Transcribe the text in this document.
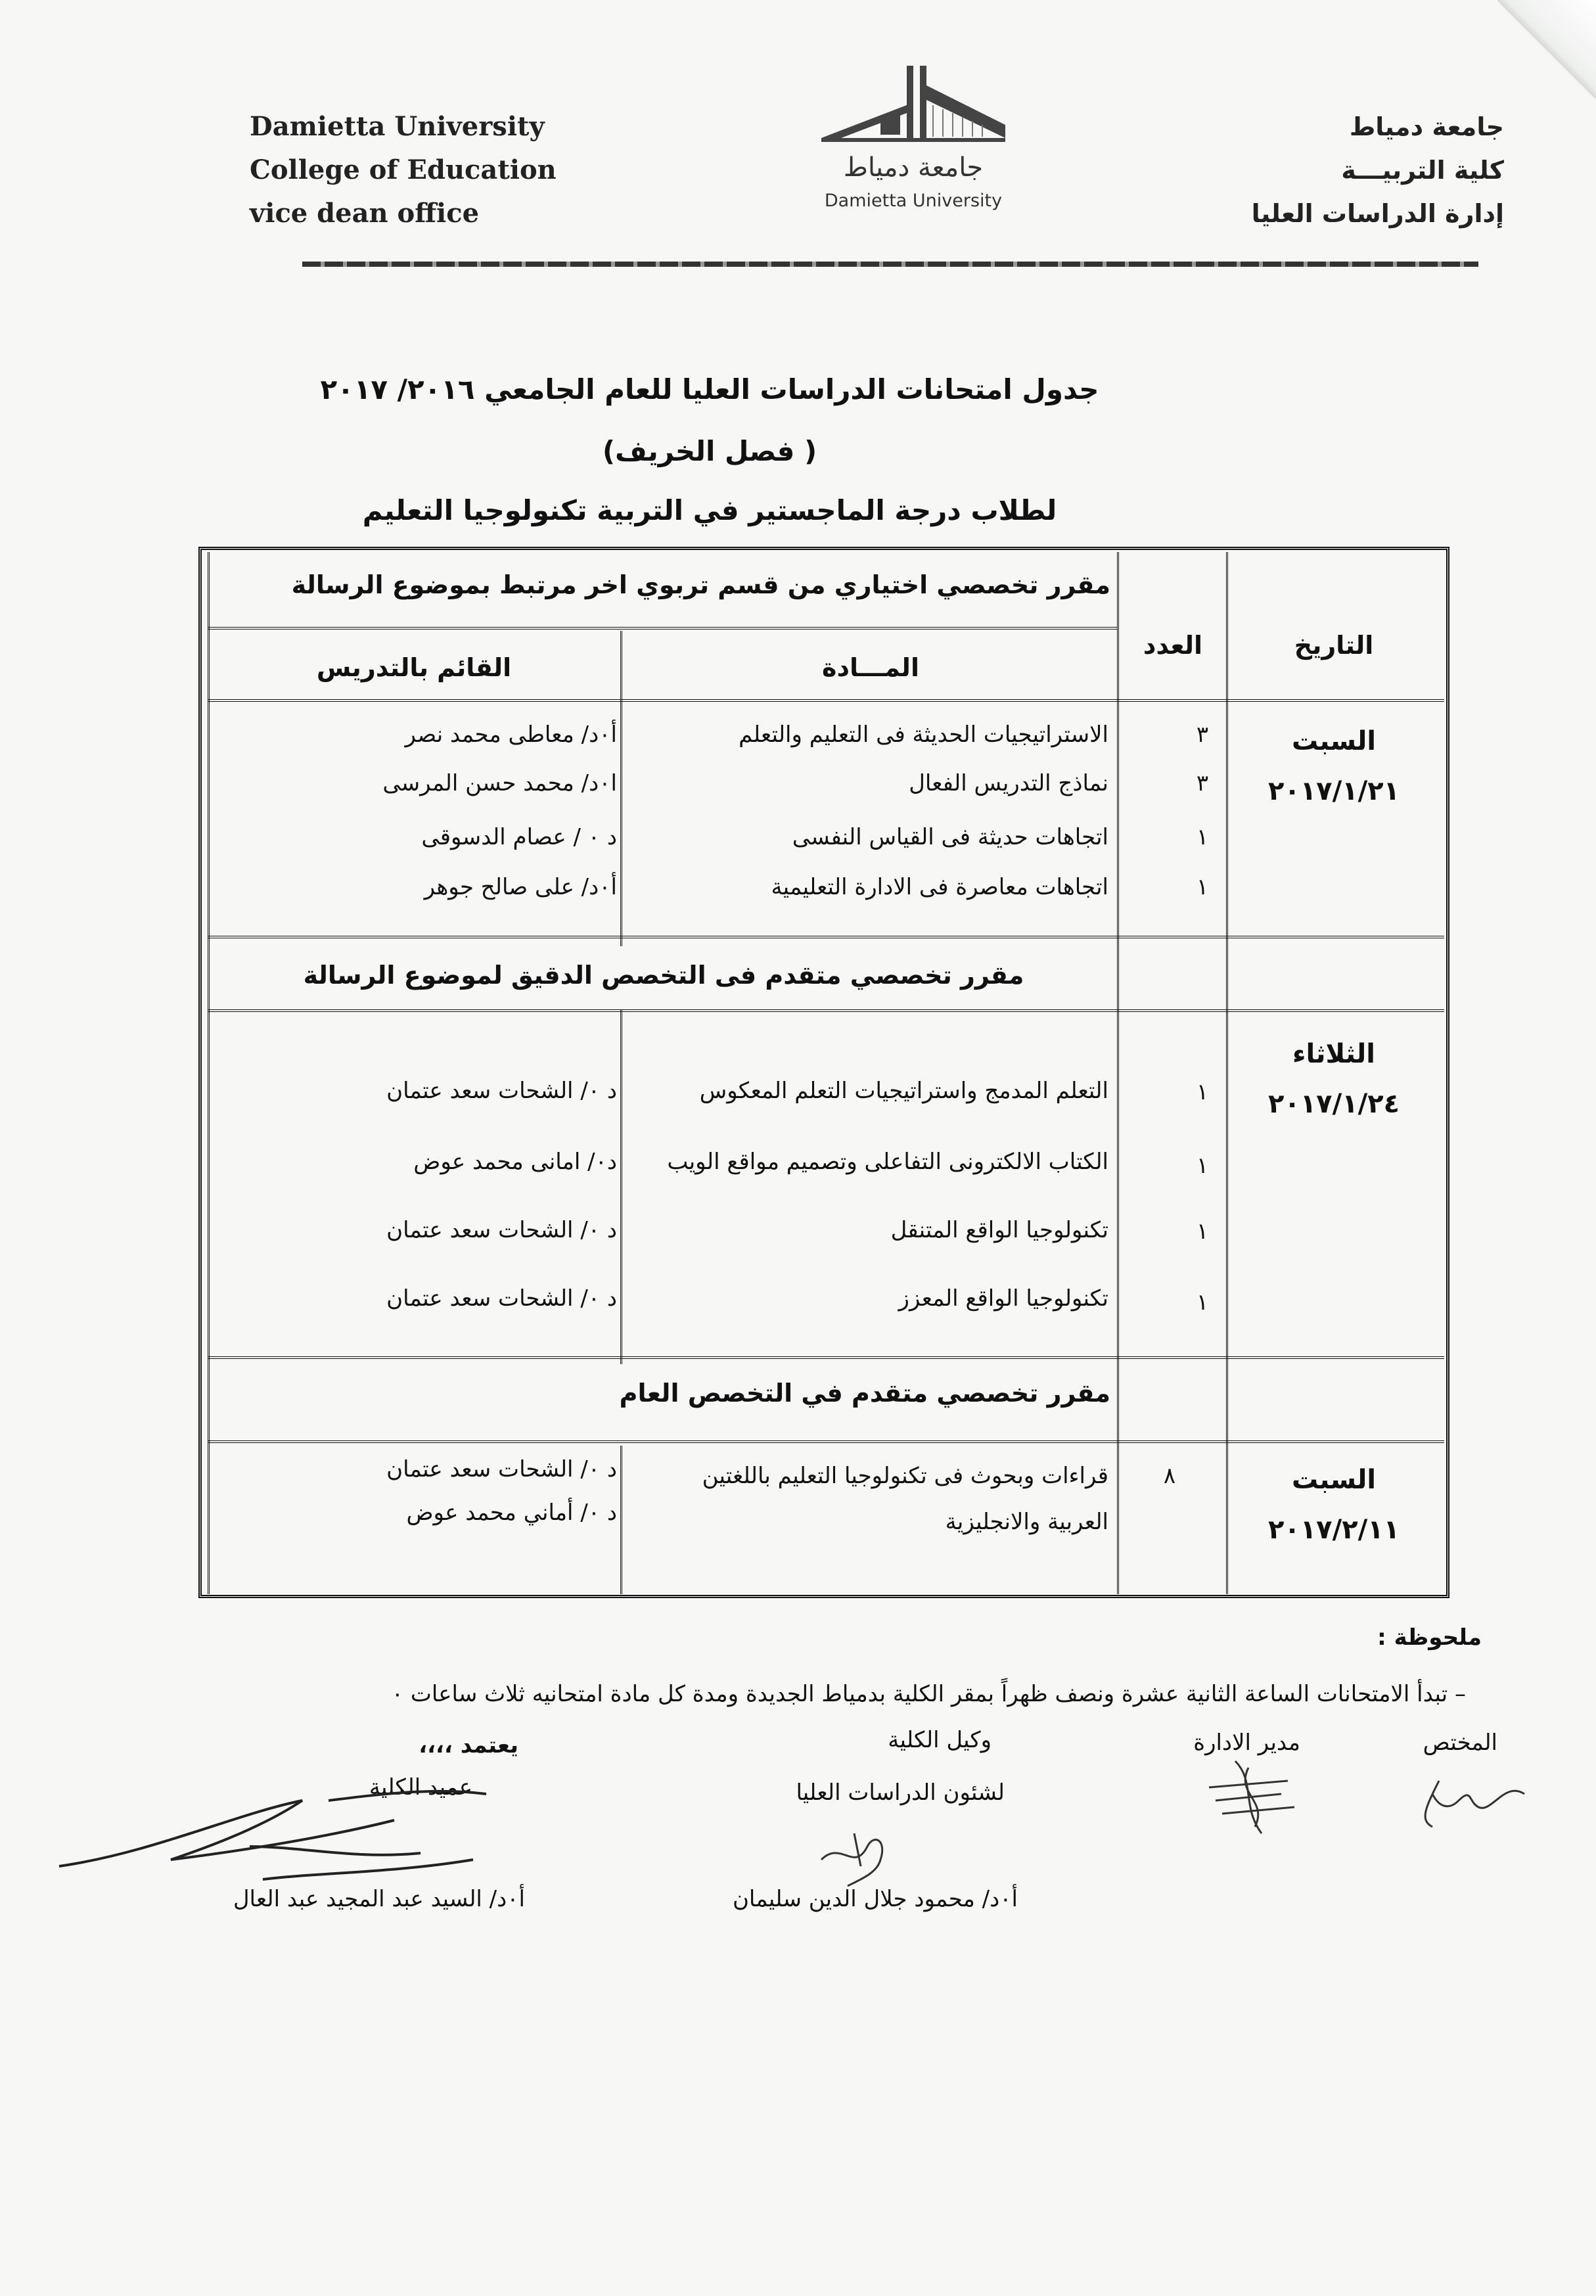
Damietta University
College of Education
vice dean office
جامعة دمياط
Damietta University
جامعة دمياط
كلية التربيـــة
إدارة الدراسات العليا
جدول امتحانات الدراسات العليا للعام الجامعي ٢٠١٦/ ٢٠١٧
( فصل الخريف)
لطلاب درجة الماجستير في التربية تكنولوجيا التعليم
التاريخ
العدد
المـــادة
القائم بالتدريس
مقرر تخصصي اختياري من قسم تربوي اخر مرتبط بموضوع الرسالة
السبت
٢٠١٧/١/٢١
٣
الاستراتيجيات الحديثة فى التعليم والتعلم
أ٠د/ معاطى محمد نصر
٣
نماذج التدريس الفعال
ا٠د/ محمد حسن المرسى
١
اتجاهات حديثة فى القياس النفسى
د ٠ / عصام الدسوقى
١
اتجاهات معاصرة فى الادارة التعليمية
أ٠د/ على صالح جوهر
مقرر تخصصي متقدم فى التخصص الدقيق لموضوع الرسالة
الثلاثاء
٢٠١٧/١/٢٤
١
التعلم المدمج واستراتيجيات التعلم المعكوس
د ٠/ الشحات سعد عتمان
١
الكتاب الالكترونى التفاعلى وتصميم مواقع الويب
د٠/ امانى محمد عوض
١
تكنولوجيا الواقع المتنقل
د ٠/ الشحات سعد عتمان
١
تكنولوجيا الواقع المعزز
د ٠/ الشحات سعد عتمان
مقرر تخصصي متقدم في التخصص العام
السبت
٢٠١٧/٢/١١
٨
قراءات وبحوث فى تكنولوجيا التعليم باللغتين
العربية والانجليزية
د ٠/ الشحات سعد عتمان
د ٠/ أماني محمد عوض
ملحوظة :
– تبدأ الامتحانات الساعة الثانية عشرة ونصف ظهراً بمقر الكلية بدمياط الجديدة ومدة كل مادة امتحانيه ثلاث ساعات ٠
المختص
مدير الادارة
وكيل الكلية
لشئون الدراسات العليا
أ٠د/ محمود جلال الدين سليمان
يعتمد ،،،،
عميد الكلية
أ٠د/ السيد عبد المجيد عبد العال
